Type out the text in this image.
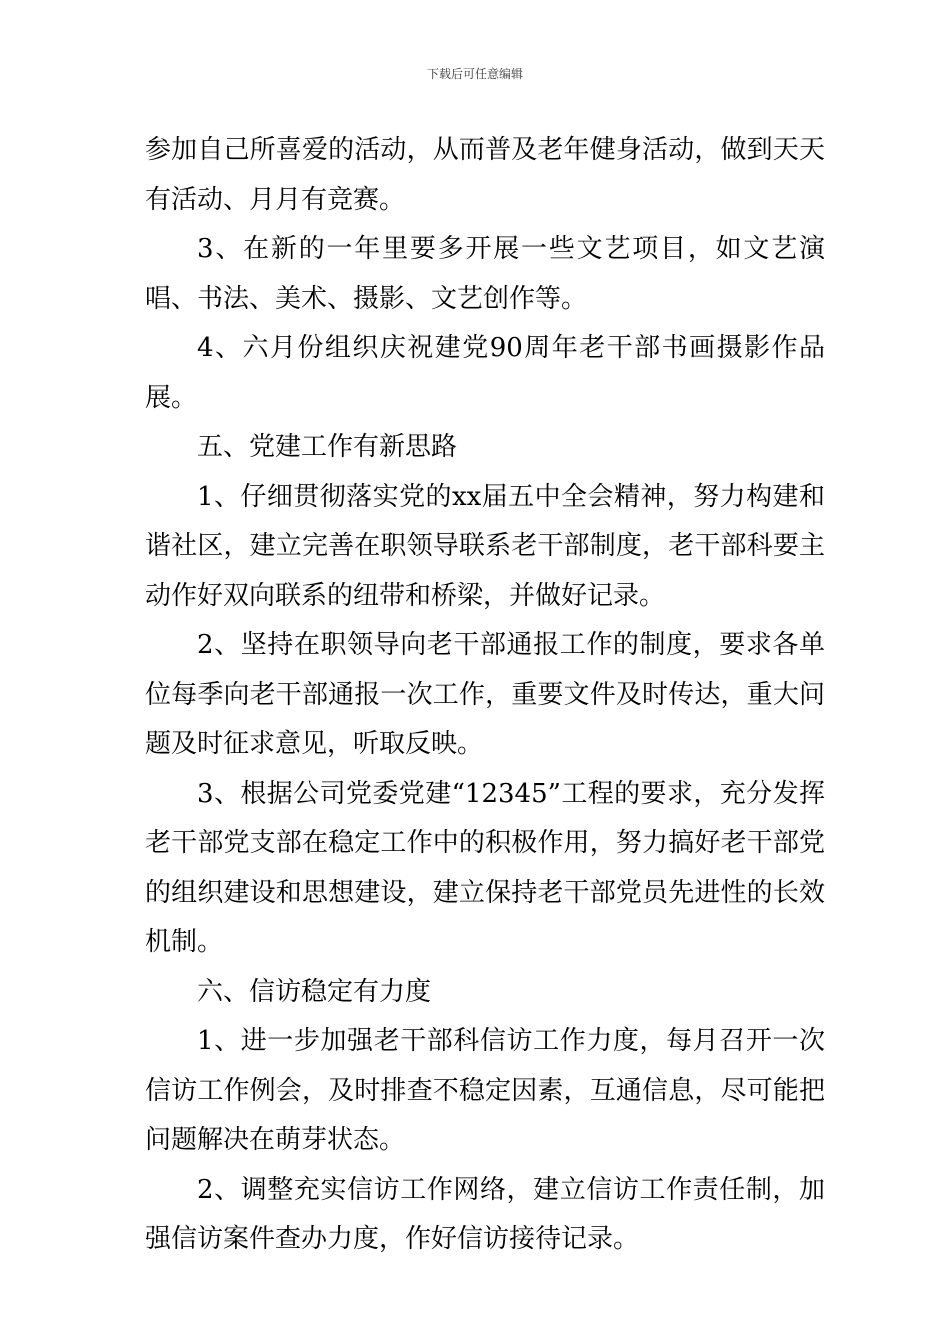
下载后可任意编辑

参加自己所喜爱的活动，从而普及老年健身活动，做到天天有活动、月月有竞赛。

3、在新的一年里要多开展一些文艺项目，如文艺演唱、书法、美术、摄影、文艺创作等。

4、六月份组织庆祝建党90周年老干部书画摄影作品展。

五、党建工作有新思路

1、仔细贯彻落实党的xx届五中全会精神，努力构建和谐社区，建立完善在职领导联系老干部制度，老干部科要主动作好双向联系的纽带和桥梁，并做好记录。

2、坚持在职领导向老干部通报工作的制度，要求各单位每季向老干部通报一次工作，重要文件及时传达，重大问题及时征求意见，听取反映。

3、根据公司党委党建“12345”工程的要求，充分发挥老干部党支部在稳定工作中的积极作用，努力搞好老干部党的组织建设和思想建设，建立保持老干部党员先进性的长效机制。

六、信访稳定有力度

1、进一步加强老干部科信访工作力度，每月召开一次信访工作例会，及时排查不稳定因素，互通信息，尽可能把问题解决在萌芽状态。

2、调整充实信访工作网络，建立信访工作责任制，加强信访案件查办力度，作好信访接待记录。
